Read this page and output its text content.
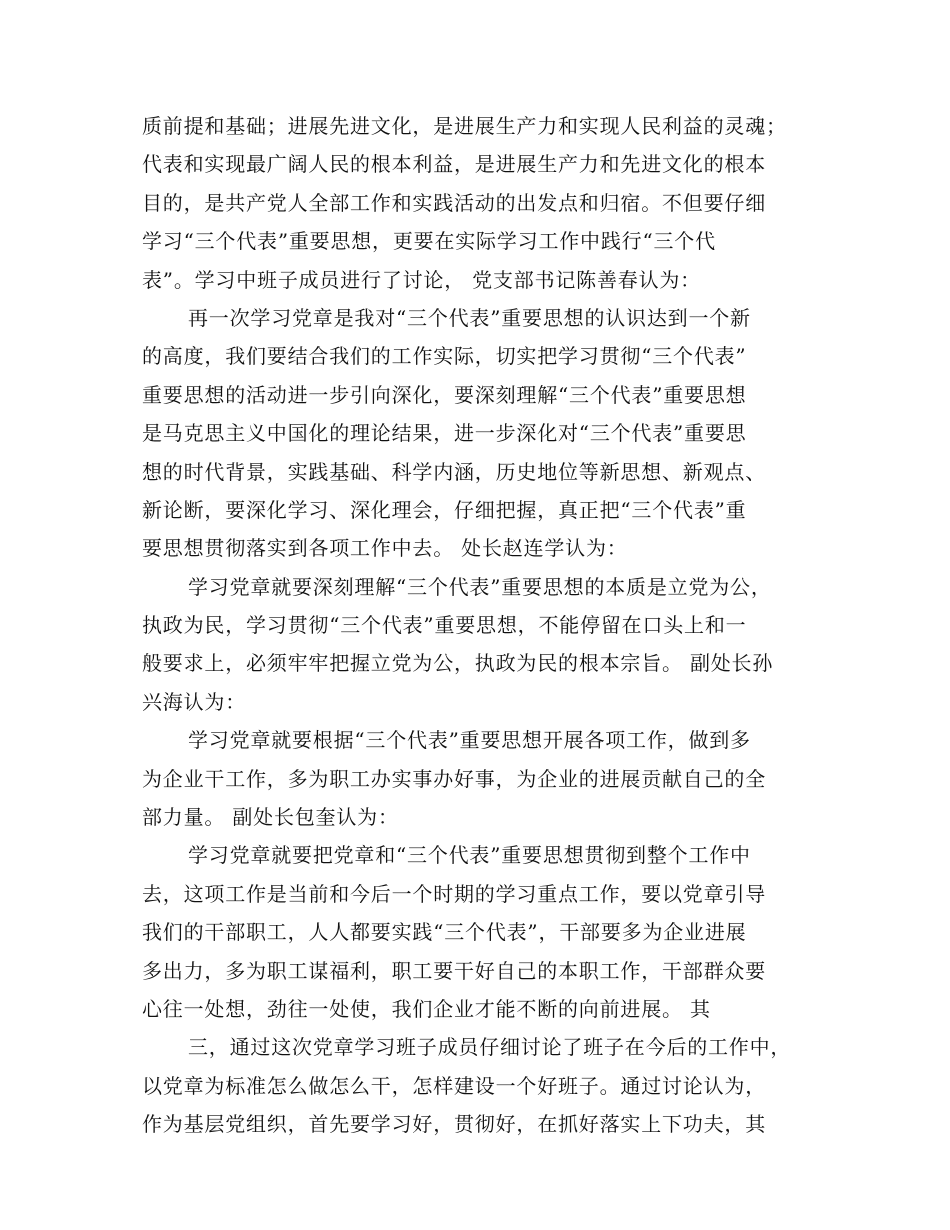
质前提和基础；进展先进文化，是进展生产力和实现人民利益的灵魂；
代表和实现最广阔人民的根本利益，是进展生产力和先进文化的根本
目的，是共产党人全部工作和实践活动的出发点和归宿。不但要仔细
学习“三个代表”重要思想，更要在实际学习工作中践行“三个代
表”。学习中班子成员进行了讨论， 党支部书记陈善春认为：
再一次学习党章是我对“三个代表”重要思想的认识达到一个新
的高度，我们要结合我们的工作实际，切实把学习贯彻“三个代表”
重要思想的活动进一步引向深化，要深刻理解“三个代表”重要思想
是马克思主义中国化的理论结果，进一步深化对“三个代表”重要思
想的时代背景，实践基础、科学内涵，历史地位等新思想、新观点、
新论断，要深化学习、深化理会，仔细把握，真正把“三个代表”重
要思想贯彻落实到各项工作中去。 处长赵连学认为：
学习党章就要深刻理解“三个代表”重要思想的本质是立党为公，
执政为民，学习贯彻“三个代表”重要思想，不能停留在口头上和一
般要求上，必须牢牢把握立党为公，执政为民的根本宗旨。 副处长孙
兴海认为：
学习党章就要根据“三个代表”重要思想开展各项工作，做到多
为企业干工作，多为职工办实事办好事，为企业的进展贡献自己的全
部力量。 副处长包奎认为：
学习党章就要把党章和“三个代表”重要思想贯彻到整个工作中
去，这项工作是当前和今后一个时期的学习重点工作，要以党章引导
我们的干部职工，人人都要实践“三个代表”，干部要多为企业进展
多出力，多为职工谋福利，职工要干好自己的本职工作，干部群众要
心往一处想，劲往一处使，我们企业才能不断的向前进展。 其
三，通过这次党章学习班子成员仔细讨论了班子在今后的工作中，
以党章为标准怎么做怎么干，怎样建设一个好班子。通过讨论认为，
作为基层党组织，首先要学习好，贯彻好，在抓好落实上下功夫，其
